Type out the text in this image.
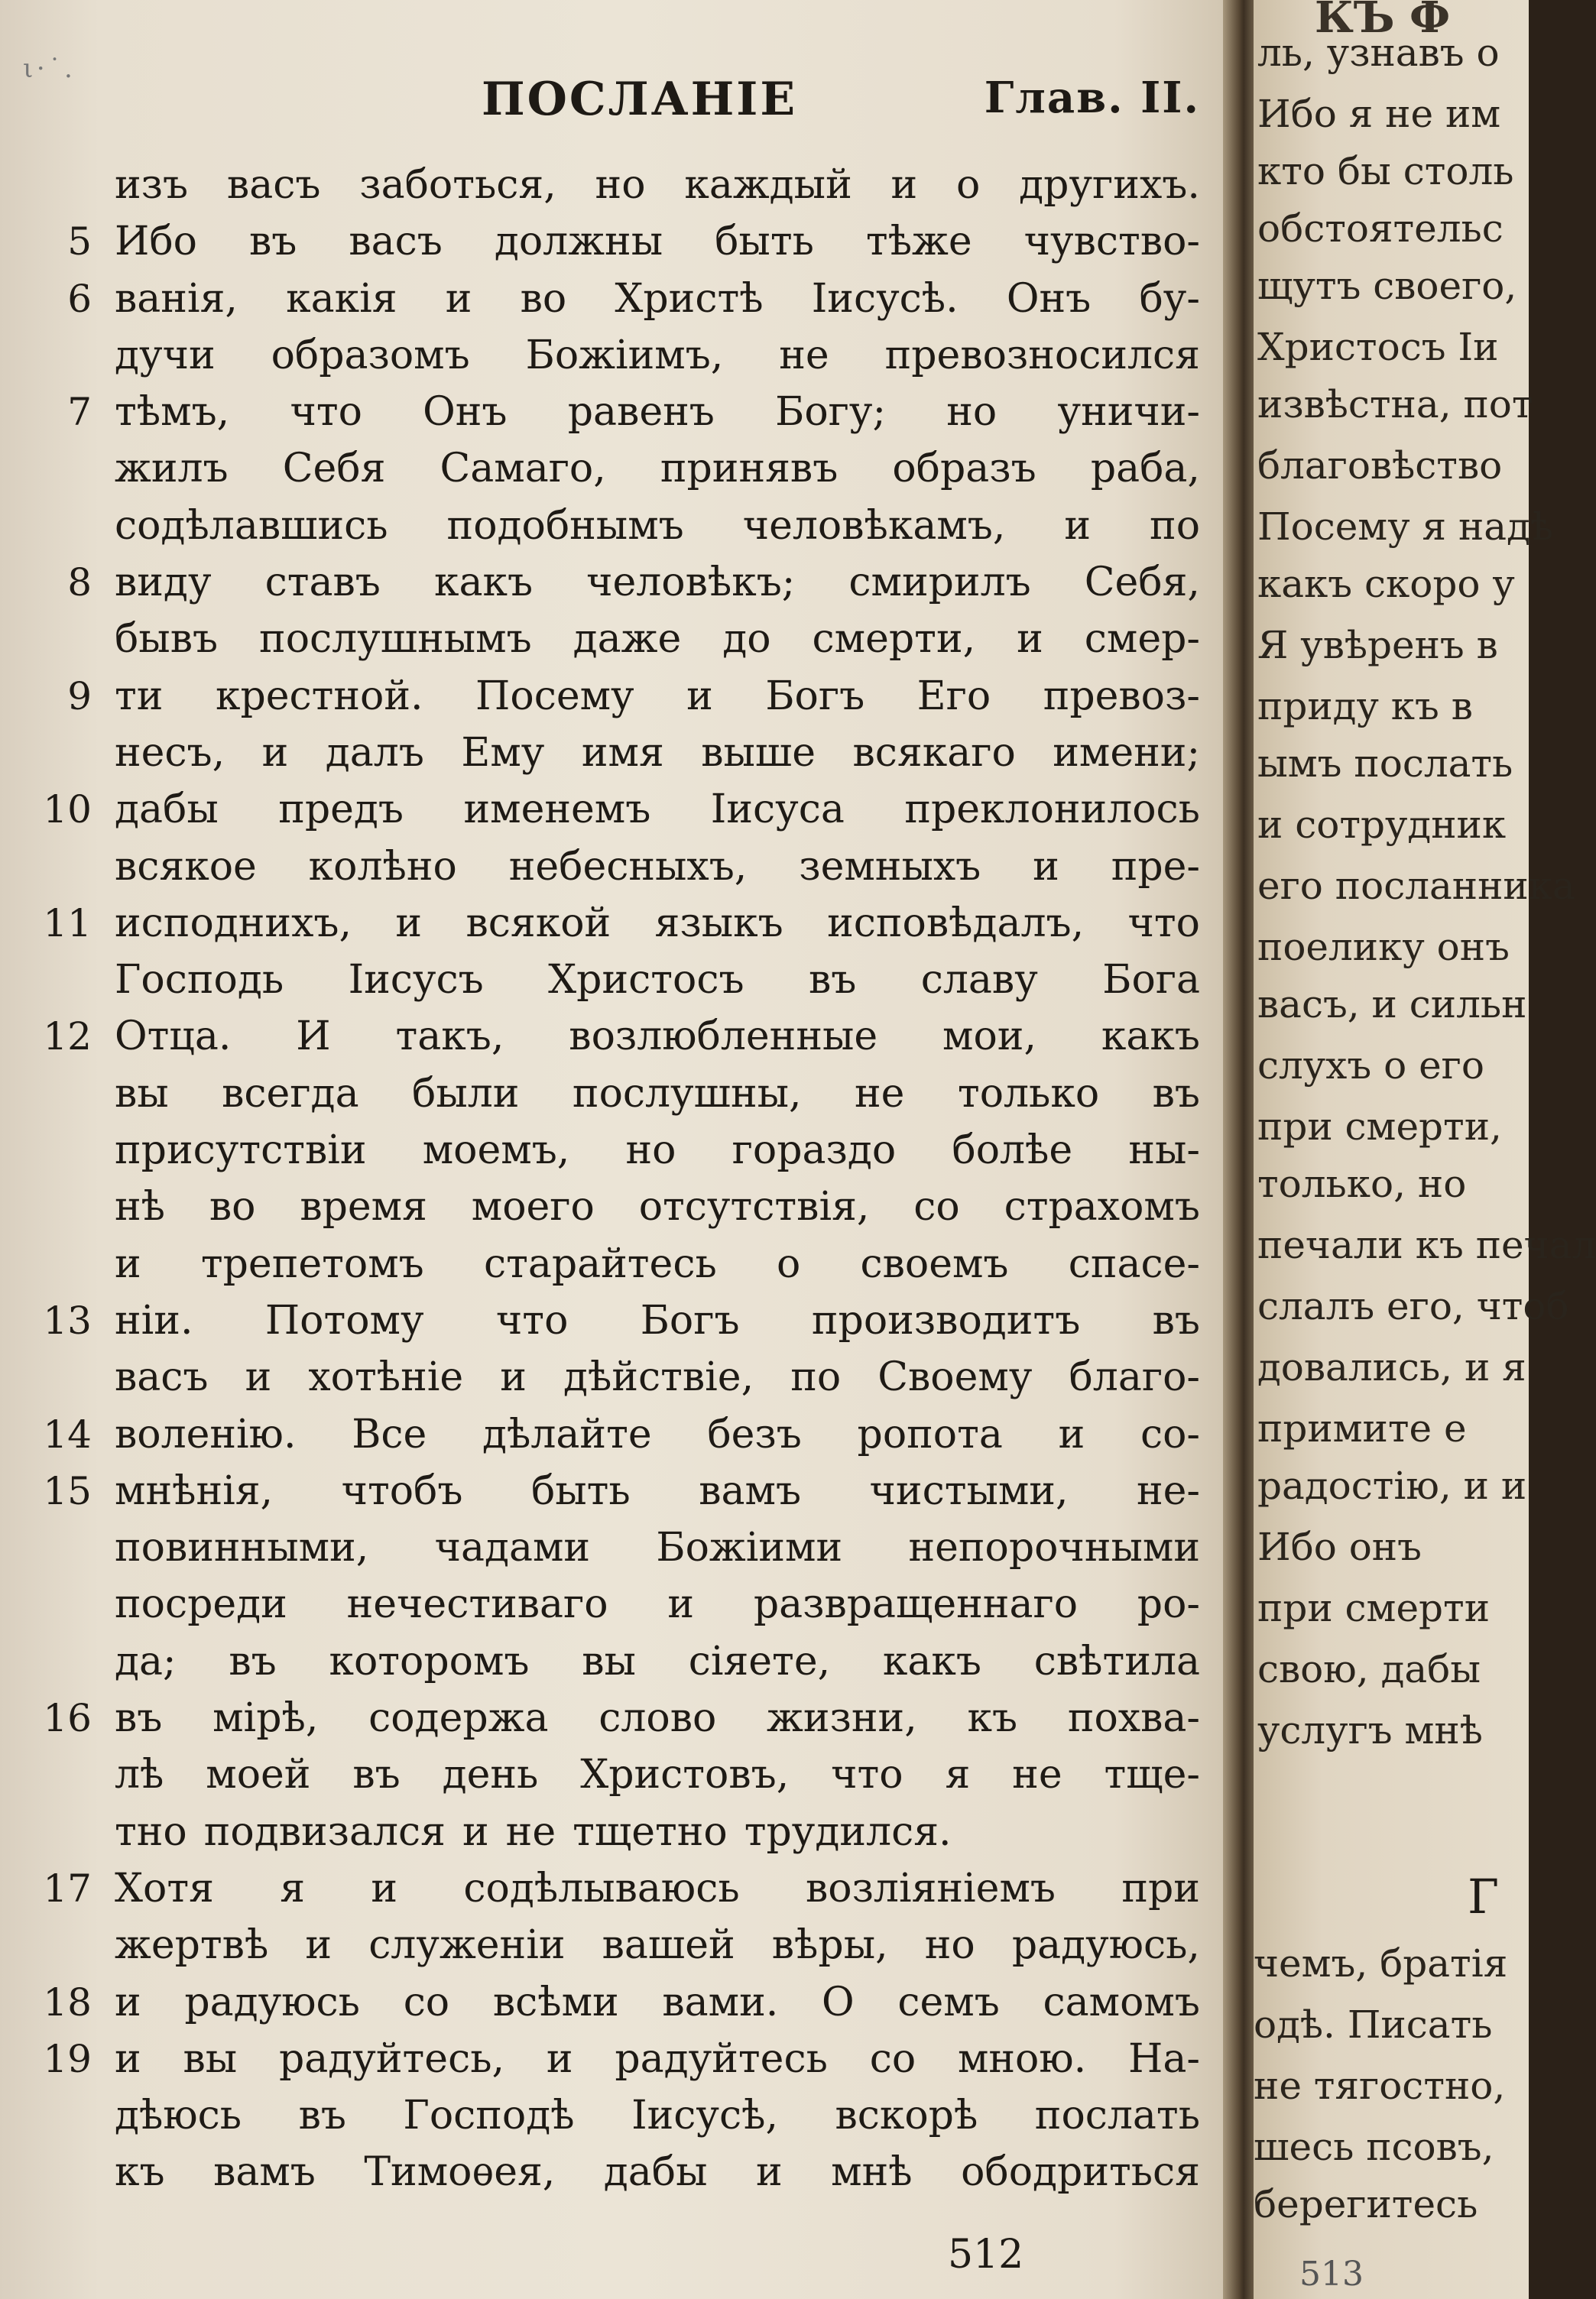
ι⋅˙.
ПОСЛАНІЕ	Глав. II.
изъ васъ заботься, но каждый и о другихъ.
5 Ибо въ васъ должны быть тѣже чувство-
6 ванія, какія и во Христѣ Іисусѣ. Онъ бу-
дучи образомъ Божіимъ, не превозносился
7 тѣмъ, что Онъ равенъ Богу; но уничи-
жилъ Себя Самаго, принявъ образъ раба,
содѣлавшись подобнымъ человѣкамъ, и по
8 виду ставъ какъ человѣкъ; смирилъ Себя,
бывъ послушнымъ даже до смерти, и смер-
9 ти крестной. Посему и Богъ Его превоз-
несъ, и далъ Ему имя выше всякаго имени;
10 дабы предъ именемъ Іисуса преклонилось
всякое колѣно небесныхъ, земныхъ и пре-
11 исподнихъ, и всякой языкъ исповѣдалъ, что
Господь Іисусъ Христосъ въ славу Бога
12 Отца. И такъ, возлюбленные мои, какъ
вы всегда были послушны, не только въ
присутствіи моемъ, но гораздо болѣе ны-
нѣ во время моего отсутствія, со страхомъ
и трепетомъ старайтесь о своемъ спасе-
13 ніи. Потому что Богъ производитъ въ
васъ и хотѣніе и дѣйствіе, по Своему благо-
14 воленію. Все дѣлайте безъ ропота и со-
15 мнѣнія, чтобъ быть вамъ чистыми, не-
повинными, чадами Божіими непорочными
посреди нечестиваго и развращеннаго ро-
да; въ которомъ вы сіяете, какъ свѣтила
16 въ мірѣ, содержа слово жизни, къ похва-
лѣ моей въ день Христовъ, что я не тще-
тно подвизался и не тщетно трудился.
17 Хотя я и содѣлываюсь возліяніемъ при
жертвѣ и служеніи вашей вѣры, но радуюсь,
18 и радуюсь со всѣми вами. О семъ самомъ
19 и вы радуйтесь, и радуйтесь со мною. На-
дѣюсь въ Господѣ Іисусѣ, вскорѣ послать
къ вамъ Тимоѳея, дабы и мнѣ ободриться
512
КЪ Ф
Г
513
ль, узнавъ о
Ибо я не им
кто бы столь
обстоятельс
щутъ своего,
Христосъ Іи
извѣстна, пот
благовѣство
Посему я надѣ
какъ скоро у
Я увѣренъ в
приду къ в
ымъ послать
и сотрудник
его посланника
поелику онъ
васъ, и сильн
слухъ о его
при смерти,
только, но
печали къ печал
слалъ его, чтоб
довались, и я
примите е
радостію, и и
Ибо онъ
при смерти
свою, дабы
услугъ мнѣ
чемъ, братія
одѣ. Писать
не тягостно,
шесь псовъ,
берегитесь
